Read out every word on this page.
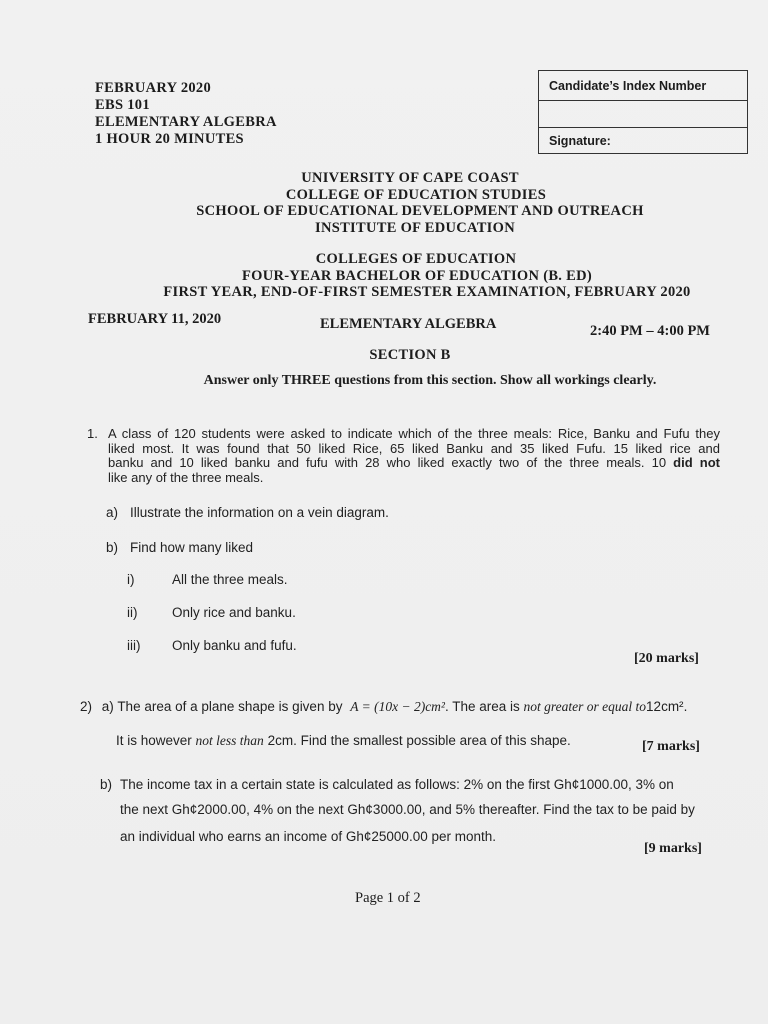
FEBRUARY 2020
EBS 101
ELEMENTARY ALGEBRA
1 HOUR 20 MINUTES
Candidate’s Index Number
Signature:
UNIVERSITY OF CAPE COAST
COLLEGE OF EDUCATION STUDIES
SCHOOL OF EDUCATIONAL DEVELOPMENT AND OUTREACH
INSTITUTE OF EDUCATION
COLLEGES OF EDUCATION
FOUR-YEAR BACHELOR OF EDUCATION (B. ED)
FIRST YEAR, END-OF-FIRST SEMESTER EXAMINATION, FEBRUARY 2020
FEBRUARY 11, 2020	ELEMENTARY ALGEBRA	2:40 PM – 4:00 PM
SECTION B
Answer only THREE questions from this section. Show all workings clearly.
1. A class of 120 students were asked to indicate which of the three meals: Rice, Banku and Fufu they
liked most. It was found that 50 liked Rice, 65 liked Banku and 35 liked Fufu. 15 liked rice and
banku and 10 liked banku and fufu with 28 who liked exactly two of the three meals. 10 did not
like any of the three meals.
a) Illustrate the information on a vein diagram.
b) Find how many liked
i)	All the three meals.
ii)	Only rice and banku.
iii) Only banku and fufu.
[20 marks]
2) a) The area of a plane shape is given by A = (10x − 2)cm². The area is not greater or equal to12cm².
It is however not less than 2cm. Find the smallest possible area of this shape.	[7 marks]
b) The income tax in a certain state is calculated as follows: 2% on the first Gh¢1000.00, 3% on
the next Gh¢2000.00, 4% on the next Gh¢3000.00, and 5% thereafter. Find the tax to be paid by
an individual who earns an income of Gh¢25000.00 per month.
[9 marks]
Page 1 of 2
